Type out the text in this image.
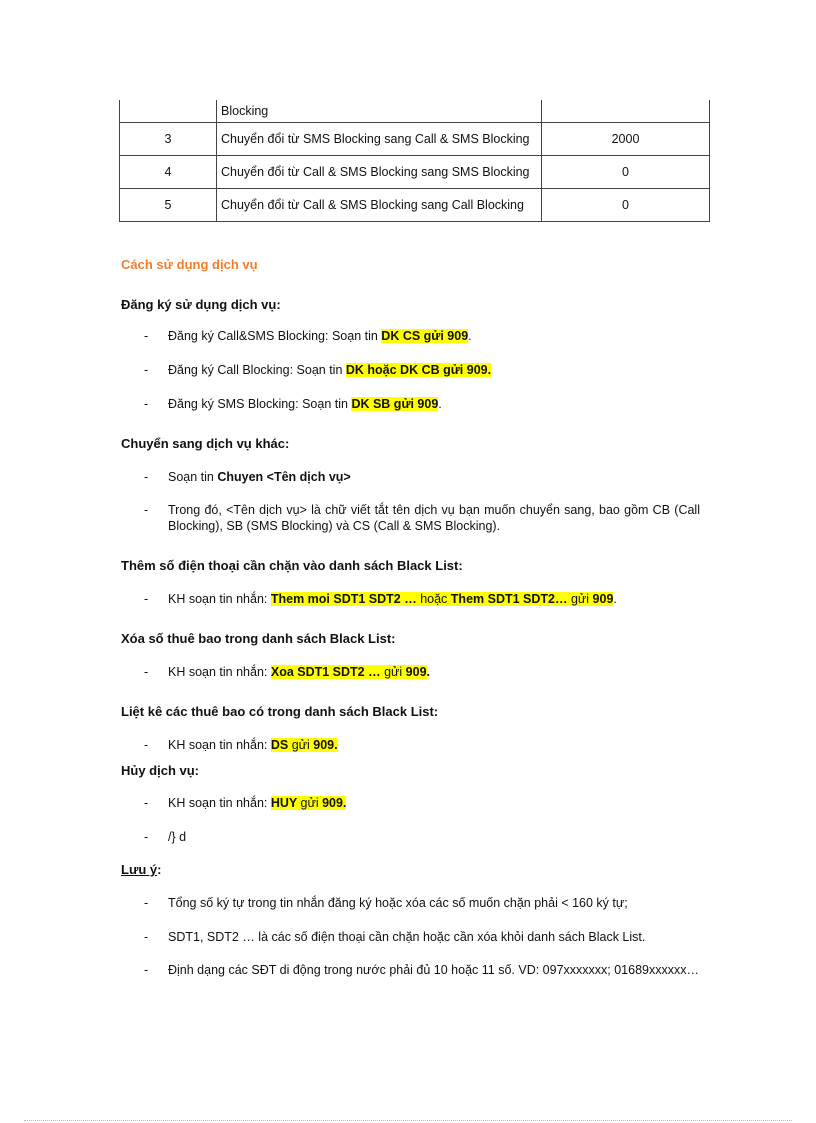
	Blocking	
3	Chuyển đổi từ SMS Blocking sang Call & SMS Blocking	2000
4	Chuyển đổi từ Call & SMS Blocking sang SMS Blocking	0
5	Chuyển đổi từ Call & SMS Blocking sang Call Blocking	0
Cách sử dụng dịch vụ
Đăng ký sử dụng dịch vụ:
- Đăng ký Call&SMS Blocking: Soạn tin DK CS gửi 909.
- Đăng ký Call Blocking: Soạn tin DK hoặc DK CB gửi 909.
- Đăng ký SMS Blocking: Soạn tin DK SB gửi 909.
Chuyển sang dịch vụ khác:
- Soạn tin Chuyen <Tên dịch vụ>
- Trong đó, <Tên dịch vụ> là chữ viết tắt tên dịch vụ bạn muốn chuyển sang, bao gồm CB (Call Blocking), SB (SMS Blocking) và CS (Call & SMS Blocking).
Thêm số điện thoại cần chặn vào danh sách Black List:
- KH soạn tin nhắn: Them moi SDT1 SDT2 … hoặc Them SDT1 SDT2… gửi 909.
Xóa số thuê bao trong danh sách Black List:
- KH soạn tin nhắn: Xoa SDT1 SDT2 … gửi 909.
Liệt kê các thuê bao có trong danh sách Black List:
- KH soạn tin nhắn: DS gửi 909.
Hủy dịch vụ:
- KH soạn tin nhắn: HUY gửi 909.
- /} d
Lưu ý:
- Tổng số ký tự trong tin nhắn đăng ký hoặc xóa các số muốn chặn phải < 160 ký tự;
- SDT1, SDT2 … là các số điện thoại cần chặn hoặc cần xóa khỏi danh sách Black List.
- Định dạng các SĐT di động trong nước phải đủ 10 hoặc 11 số. VD: 097xxxxxxx; 01689xxxxxx…
